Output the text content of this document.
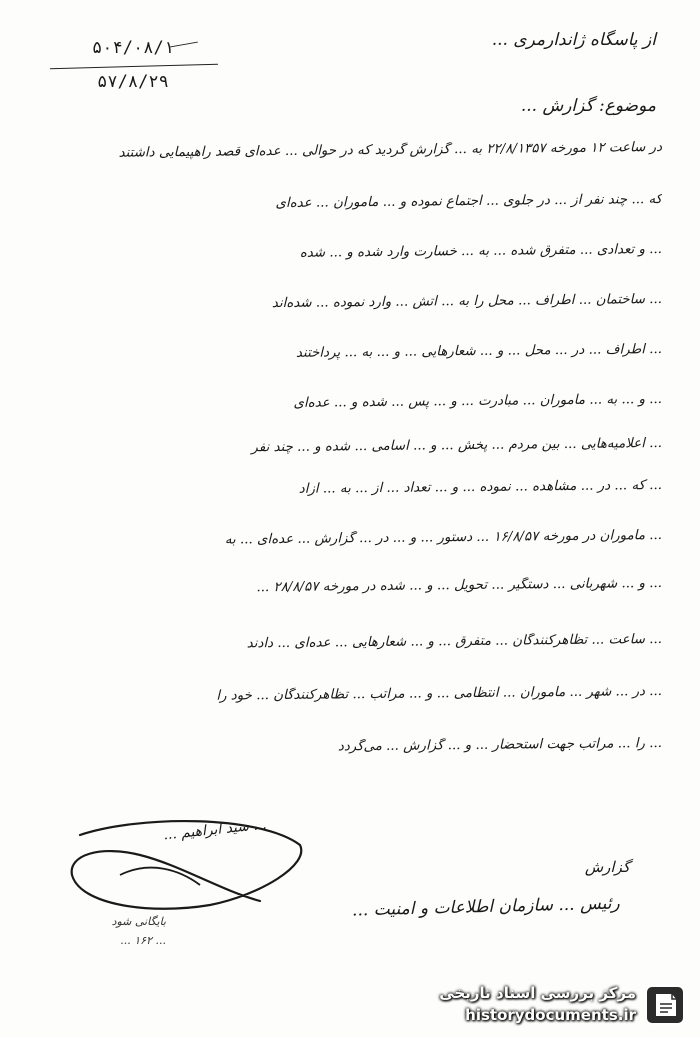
۵۰۴/۰۸/۱
۵۷/۸/۲۹
از پاسگاه ژاندارمری ...
موضوع: گزارش ...
در ساعت ۱۲ مورخه ۲۲/۸/۱۳۵۷ به ... گزارش گردید که در حوالی ... عده‌ای قصد راهپیمایی داشتند
که ... چند نفر از ... در جلوی ... اجتماع نموده و ... ماموران ... عده‌ای
... و تعدادی ... متفرق شده ... به ... خسارت وارد شده و ... شده
... ساختمان ... اطراف ... محل را به ... آتش ... وارد نموده ... شده‌اند
... اطراف ... در ... محل ... و ... شعارهایی ... و ... به ... پرداختند
... و ... به ... ماموران ... مبادرت ... و ... پس ... شده و ... عده‌ای
... اعلامیه‌هایی ... بین مردم ... پخش ... و ... اسامی ... شده و ... چند نفر
... که ... در ... مشاهده ... نموده ... و ... تعداد ... از ... به ... آزاد
... ماموران در مورخه ۱۶/۸/۵۷ ... دستور ... و ... در ... گزارش ... عده‌ای ... به
... و ... شهربانی ... دستگیر ... تحویل ... و ... شده در مورخه ۲۸/۸/۵۷ ...
... ساعت ... تظاهرکنندگان ... متفرق ... و ... شعارهایی ... عده‌ای ... دادند
... در ... شهر ... ماموران ... انتظامی ... و ... مراتب ... تظاهرکنندگان ... خود را
... را ... مراتب جهت استحضار ... و ... گزارش ... می‌گردد
... سید ابراهیم ...
گزارش
رئیس ... سازمان اطلاعات و امنیت ...
بایگانی شود
... ۱۶۲ ...
مرکز بررسی اسناد تاریخی
historydocuments.ir
